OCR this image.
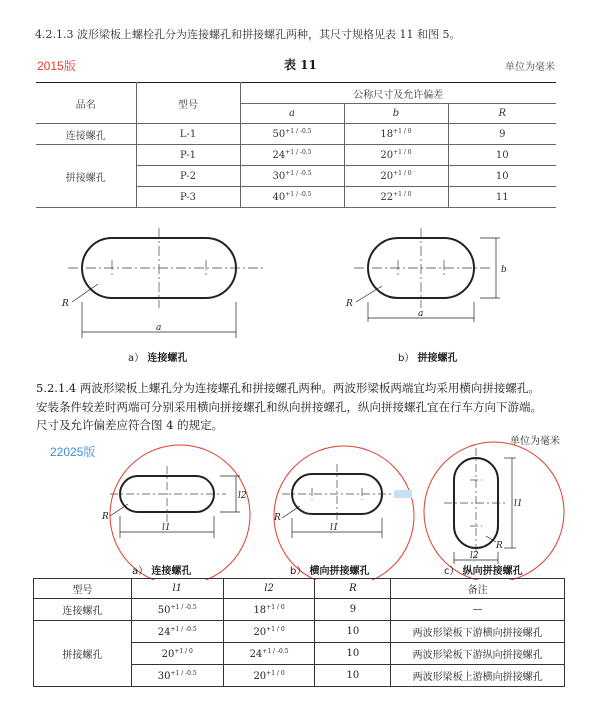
4.2.1.3 波形梁板上螺栓孔分为连接螺孔和拼接螺孔两种，其尺寸规格见表 11 和图 5。
2015版	表 11	单位为毫米
品名	型号	公称尺寸及允许偏差		
		a	b	R
连接螺孔	L-1	$50^{+1 / -0.5}$	$18^{+1 / 0}$	9
拼接螺孔	P-1	$24^{+1 / -0.5}$	$20^{+1 / 0}$	10
	P-2	$30^{+1 / -0.5}$	$20^{+1 / 0}$	10
	P-3	$40^{+1 / -0.5}$	$22^{+1 / 0}$	11
R
a
R
a
b
a） 连接螺孔	b） 拼接螺孔
5.2.1.4 两波形梁板上螺孔分为连接螺孔和拼接螺孔两种。两波形梁板两端宜均采用横向拼接螺孔。
安装条件较差时两端可分别采用横向拼接螺孔和纵向拼接螺孔，纵向拼接螺孔宜在行车方向下游端。
尺寸及允许偏差应符合图 4 的规定。
单位为毫米
22025版
R
l1
l2
R
l1
l1
l2
R
a） 连接螺孔	b） 横向拼接螺孔	c） 纵向拼接螺孔
型号	l1	l2	R	备注
连接螺孔	$50^{+1 / -0.5}$	$18^{+1 / 0}$	9	—
拼接螺孔	$24^{+1 / -0.5}$	$20^{+1 / 0}$	10	两波形梁板下游横向拼接螺孔
	$20^{+1 / 0}$	$24^{+1 / -0.5}$	10	两波形梁板下游纵向拼接螺孔
	$30^{+1 / -0.5}$	$20^{+1 / 0}$	10	两波形梁板上游横向拼接螺孔
